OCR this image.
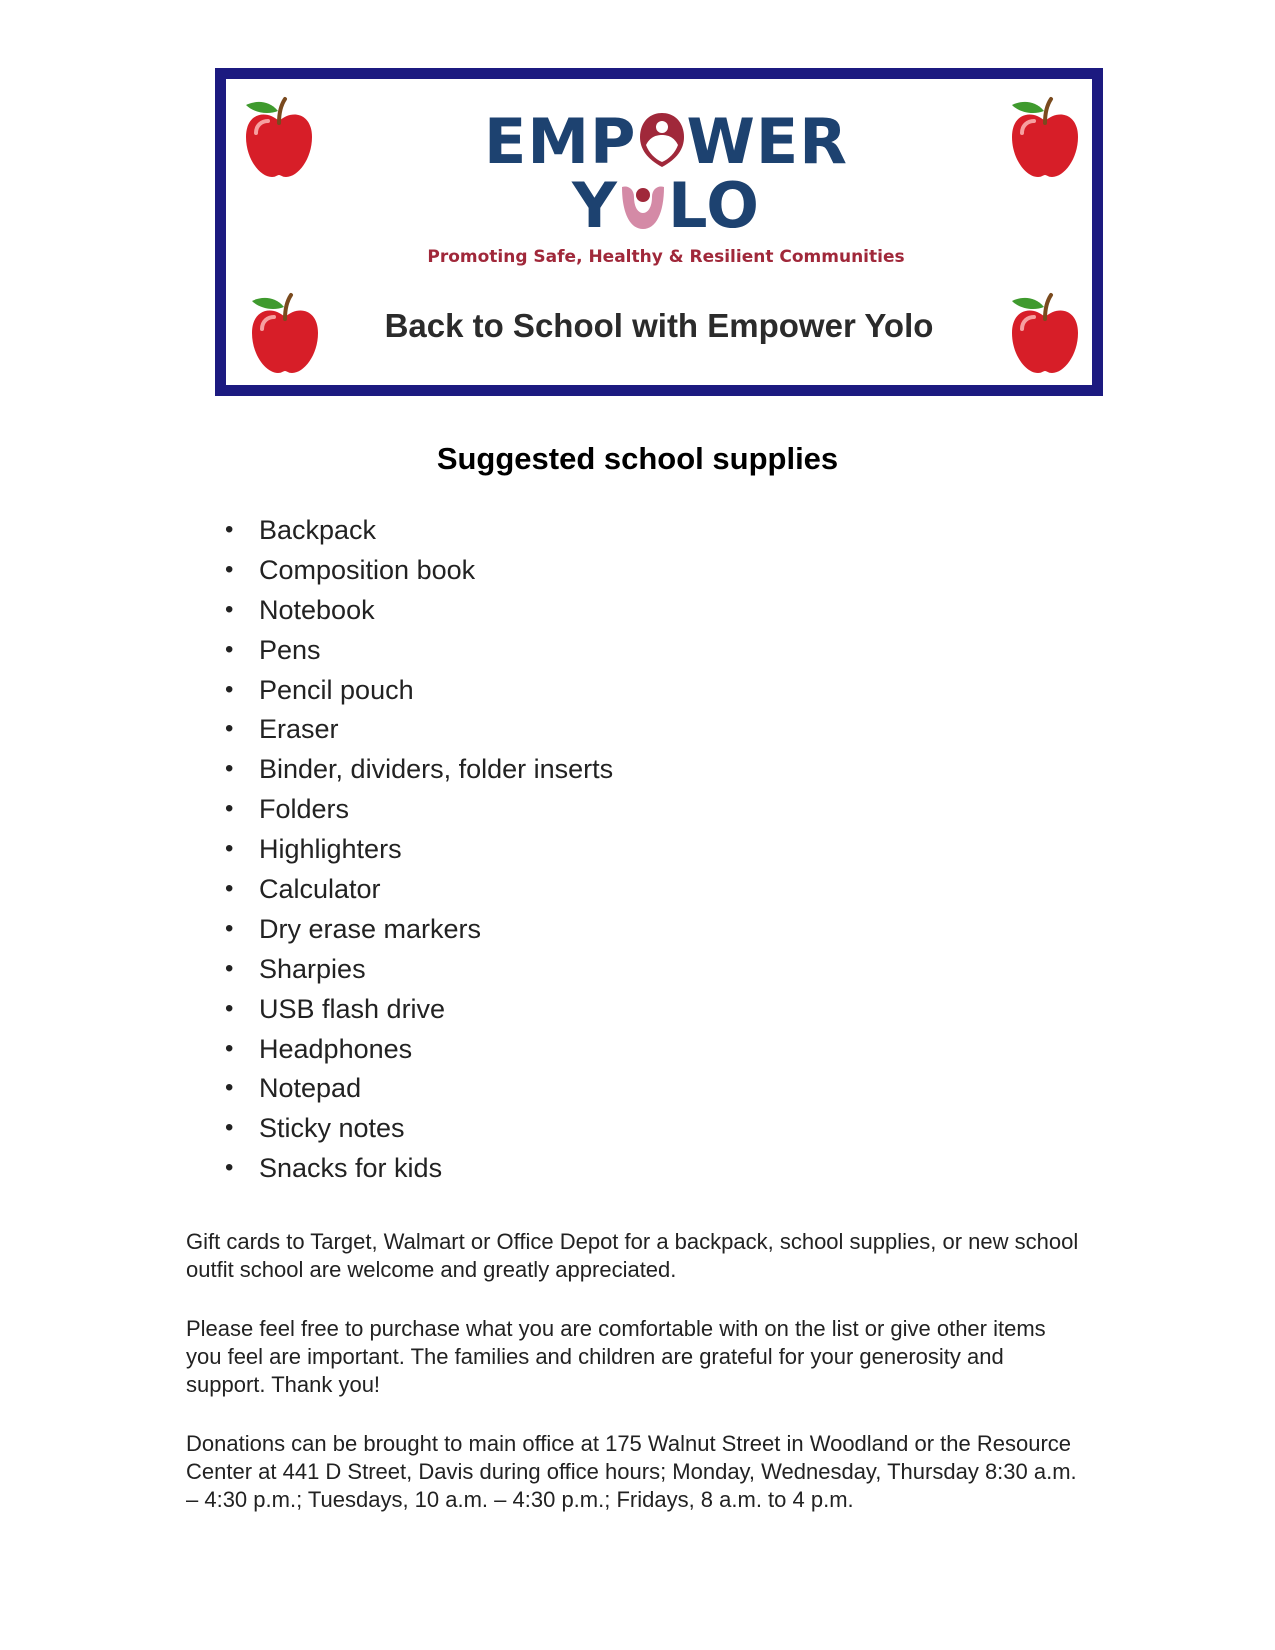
EMP WER
Y LO
Promoting Safe, Healthy & Resilient Communities
Back to School with Empower Yolo
Suggested school supplies
• Backpack
• Composition book
• Notebook
• Pens
• Pencil pouch
• Eraser
• Binder, dividers, folder inserts
• Folders
• Highlighters
• Calculator
• Dry erase markers
• Sharpies
• USB flash drive
• Headphones
• Notepad
• Sticky notes
• Snacks for kids

Gift cards to Target, Walmart or Office Depot for a backpack, school supplies, or new school outfit school are welcome and greatly appreciated.

Please feel free to purchase what you are comfortable with on the list or give other items you feel are important. The families and children are grateful for your generosity and support. Thank you!

Donations can be brought to main office at 175 Walnut Street in Woodland or the Resource Center at 441 D Street, Davis during office hours; Monday, Wednesday, Thursday 8:30 a.m. – 4:30 p.m.; Tuesdays, 10 a.m. – 4:30 p.m.; Fridays, 8 a.m. to 4 p.m.
